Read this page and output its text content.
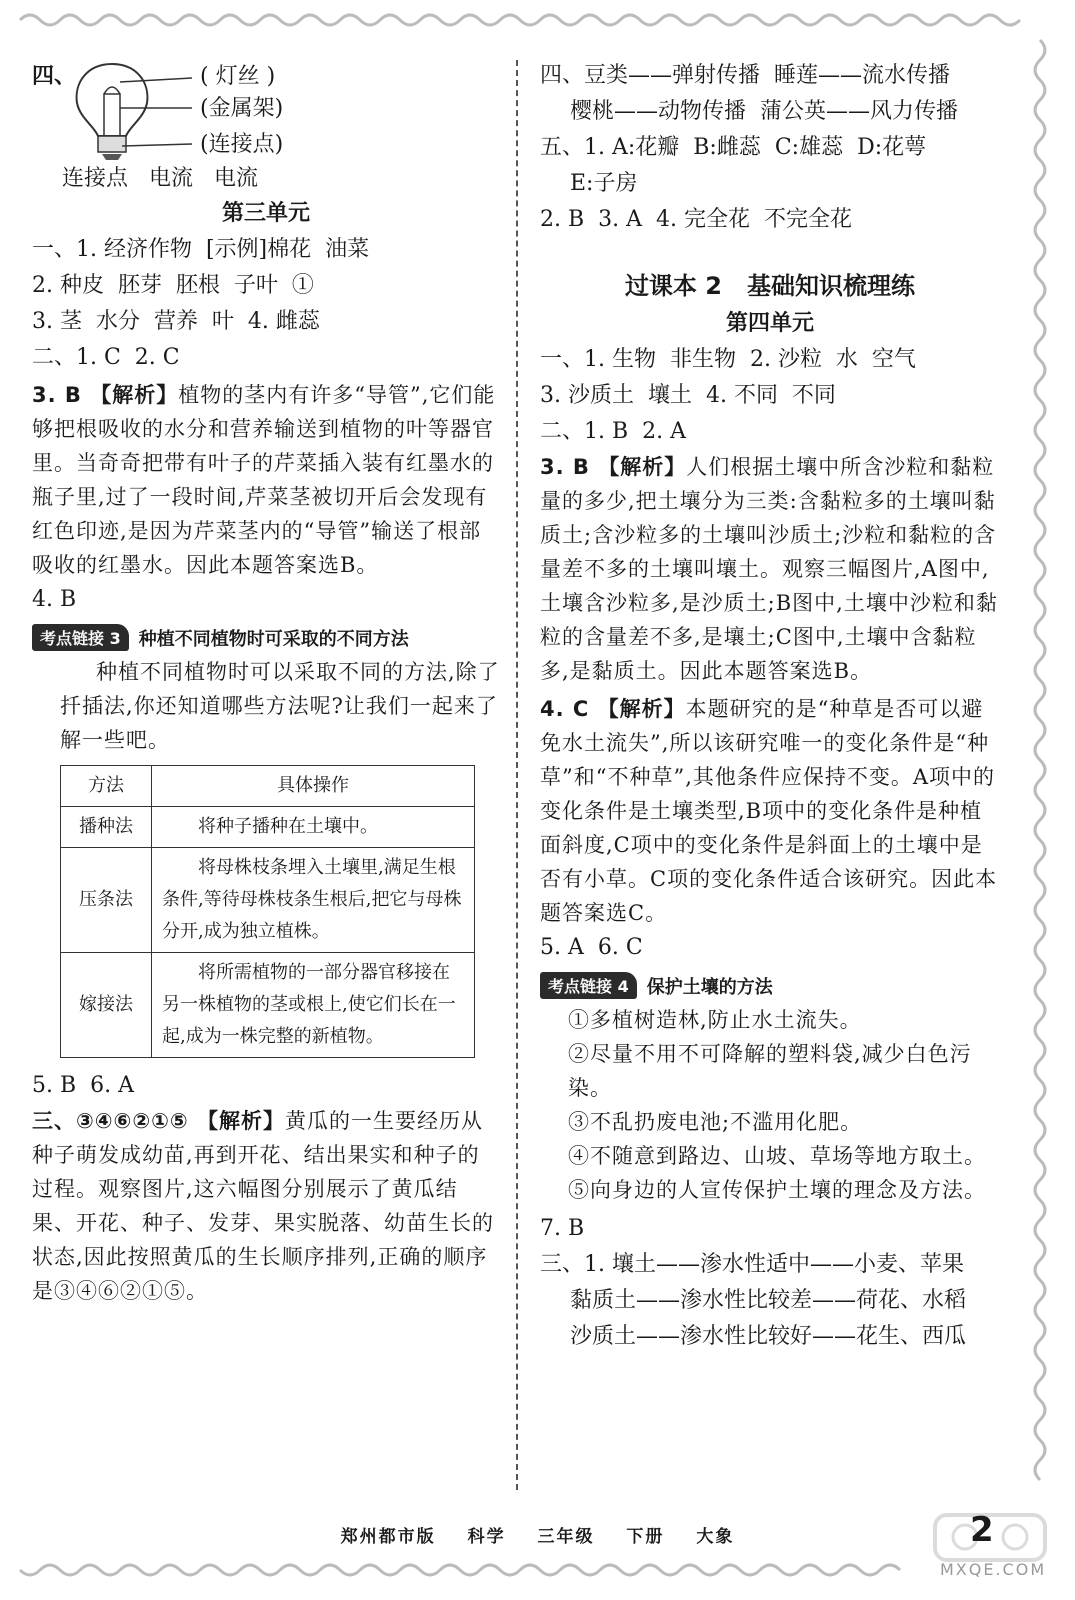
四、	( 灯丝 )
(金属架)
(连接点)
连接点   电流   电流
第三单元
一、1. 经济作物  [示例]棉花  油菜
2. 种皮  胚芽  胚根  子叶  ①
3. 茎  水分  营养  叶  4. 雌蕊
二、1. C  2. C
3. B 【解析】植物的茎内有许多“导管”,它们能够把根吸收的水分和营养输送到植物的叶等器官里。当奇奇把带有叶子的芹菜插入装有红墨水的瓶子里,过了一段时间,芹菜茎被切开后会发现有红色印迹,是因为芹菜茎内的“导管”输送了根部吸收的红墨水。因此本题答案选B。
4. B
考点链接 3	种植不同植物时可采取的不同方法
种植不同植物时可以采取不同的方法,除了扦插法,你还知道哪些方法呢?让我们一起来了解一些吧。
方法	具体操作
播种法	将种子播种在土壤中。
压条法	将母株枝条埋入土壤里,满足生根条件,等待母株枝条生根后,把它与母株分开,成为独立植株。
嫁接法	将所需植物的一部分器官移接在另一株植物的茎或根上,使它们长在一起,成为一株完整的新植物。
5. B  6. A
三、③④⑥②①⑤ 【解析】黄瓜的一生要经历从种子萌发成幼苗,再到开花、结出果实和种子的过程。观察图片,这六幅图分别展示了黄瓜结果、开花、种子、发芽、果实脱落、幼苗生长的状态,因此按照黄瓜的生长顺序排列,正确的顺序是③④⑥②①⑤。
四、豆类——弹射传播  睡莲——流水传播
樱桃——动物传播  蒲公英——风力传播
五、1. A:花瓣  B:雌蕊  C:雄蕊  D:花萼
E:子房
2. B  3. A  4. 完全花  不完全花
过课本 2   基础知识梳理练
第四单元
一、1. 生物  非生物  2. 沙粒  水  空气
3. 沙质土  壤土  4. 不同  不同
二、1. B  2. A
3. B 【解析】人们根据土壤中所含沙粒和黏粒量的多少,把土壤分为三类:含黏粒多的土壤叫黏质土;含沙粒多的土壤叫沙质土;沙粒和黏粒的含量差不多的土壤叫壤土。观察三幅图片,A图中,土壤含沙粒多,是沙质土;B图中,土壤中沙粒和黏粒的含量差不多,是壤土;C图中,土壤中含黏粒多,是黏质土。因此本题答案选B。
4. C 【解析】本题研究的是“种草是否可以避免水土流失”,所以该研究唯一的变化条件是“种草”和“不种草”,其他条件应保持不变。A项中的变化条件是土壤类型,B项中的变化条件是种植面斜度,C项中的变化条件是斜面上的土壤中是否有小草。C项的变化条件适合该研究。因此本题答案选C。
5. A  6. C
考点链接 4	保护土壤的方法
①多植树造林,防止水土流失。
②尽量不用不可降解的塑料袋,减少白色污染。
③不乱扔废电池;不滥用化肥。
④不随意到路边、山坡、草场等地方取土。
⑤向身边的人宣传保护土壤的理念及方法。
7. B
三、1. 壤土——渗水性适中——小麦、苹果
黏质土——渗水性比较差——荷花、水稻
沙质土——渗水性比较好——花生、西瓜
郑州都市版 科学 三年级 下册 大象	2
MXQE.COM
